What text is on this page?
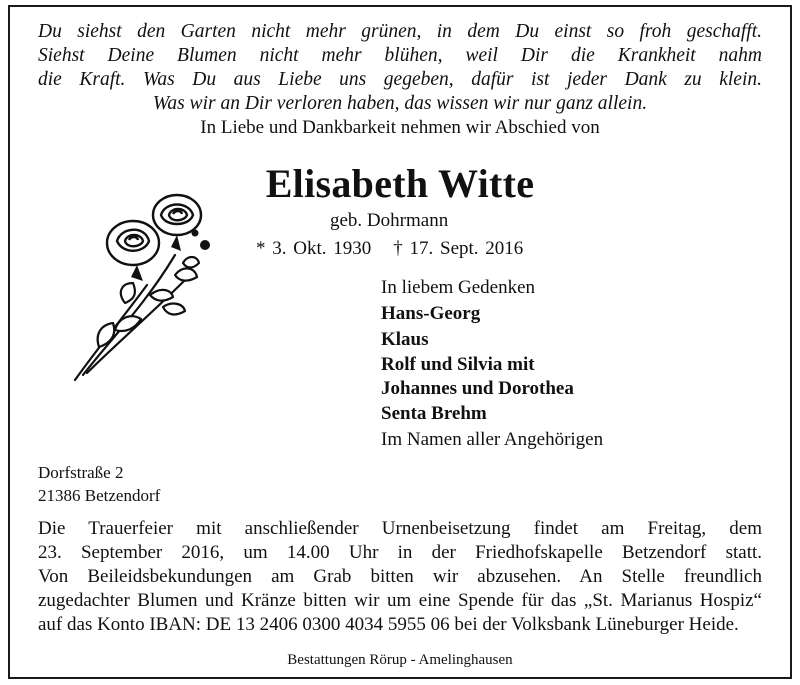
Du siehst den Garten nicht mehr grünen, in dem Du einst so froh geschafft.
Siehst Deine Blumen nicht mehr blühen, weil Dir die Krankheit nahm
die Kraft. Was Du aus Liebe uns gegeben, dafür ist jeder Dank zu klein.
Was wir an Dir verloren haben, das wissen wir nur ganz allein.
In Liebe und Dankbarkeit nehmen wir Abschied von
Elisabeth Witte
geb. Dohrmann
* 3. Okt. 1930 † 17. Sept. 2016
In liebem Gedenken
Hans-Georg
Klaus
Rolf und Silvia mit
Johannes und Dorothea
Senta Brehm
Im Namen aller Angehörigen
Dorfstraße 2
21386 Betzendorf
Die Trauerfeier mit anschließender Urnenbeisetzung findet am Freitag, dem
23. September 2016, um 14.00 Uhr in der Friedhofskapelle Betzendorf statt.
Von Beileidsbekundungen am Grab bitten wir abzusehen. An Stelle freundlich
zugedachter Blumen und Kränze bitten wir um eine Spende für das „St. Marianus Hospiz“
auf das Konto IBAN: DE 13 2406 0300 4034 5955 06 bei der Volksbank Lüneburger Heide.
Bestattungen Rörup - Amelinghausen
